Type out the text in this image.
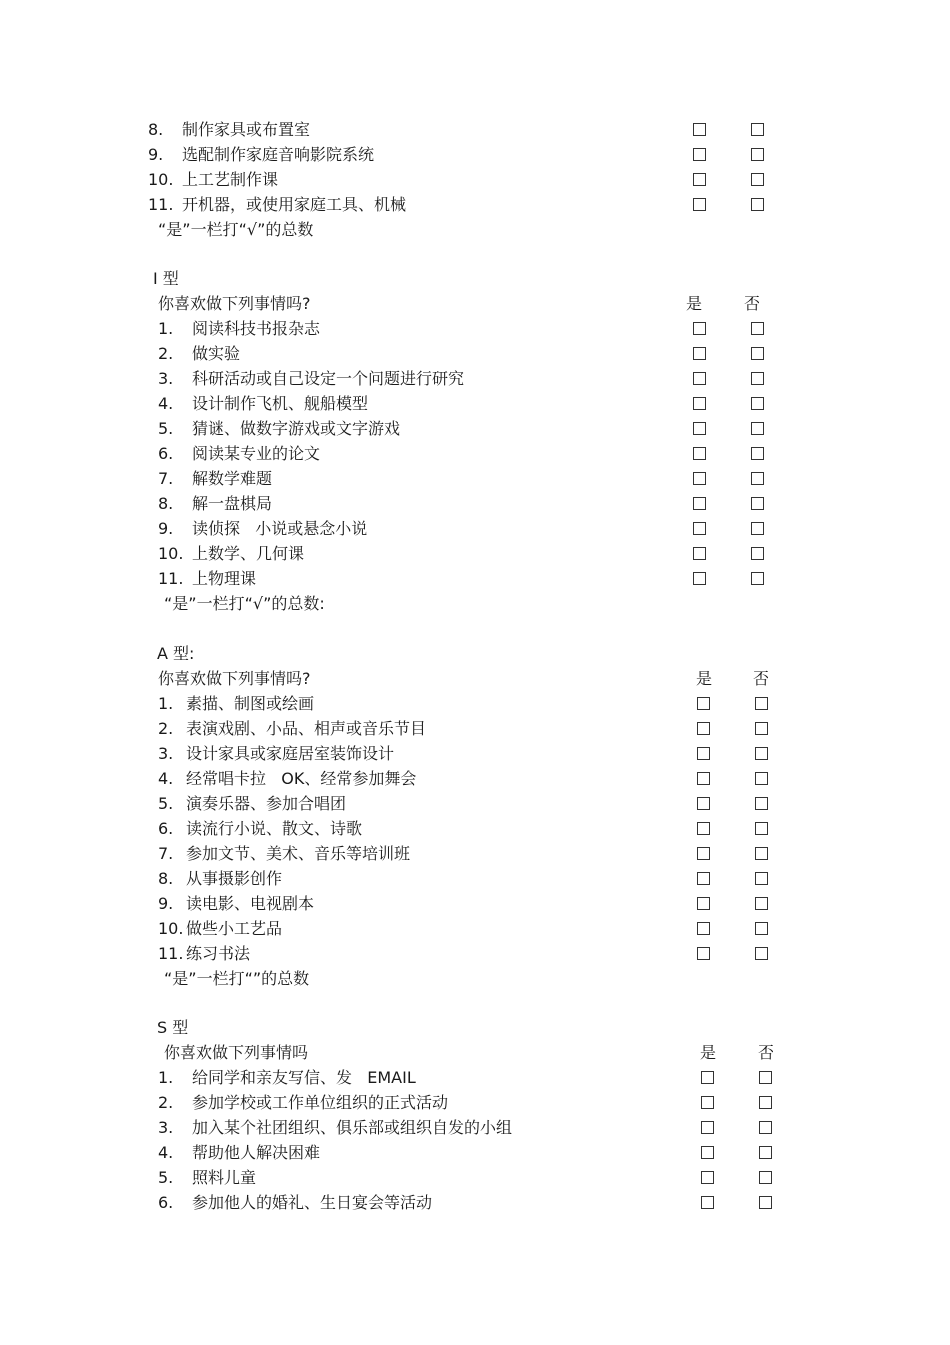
8. 制作家具或布置室
9. 选配制作家庭音响影院系统
10. 上工艺制作课
11. 开机器，或使用家庭工具、机械
“是”一栏打“√”的总数
I 型
你喜欢做下列事情吗?	是	否
1. 阅读科技书报杂志
2. 做实验
3. 科研活动或自己设定一个问题进行研究
4. 设计制作飞机、舰船模型
5. 猜谜、做数字游戏或文字游戏
6. 阅读某专业的论文
7. 解数学难题
8. 解一盘棋局
9. 读侦探   小说或悬念小说
10. 上数学、几何课
11. 上物理课
“是”一栏打“√”的总数:
A 型:
你喜欢做下列事情吗?	是	否
1. 素描、制图或绘画
2. 表演戏剧、小品、相声或音乐节目
3. 设计家具或家庭居室装饰设计
4. 经常唱卡拉   OK、经常参加舞会
5. 演奏乐器、参加合唱团
6. 读流行小说、散文、诗歌
7. 参加文节、美术、音乐等培训班
8. 从事摄影创作
9. 读电影、电视剧本
10. 做些小工艺品
11. 练习书法
“是”一栏打“”的总数
S 型
你喜欢做下列事情吗	是	否
1. 给同学和亲友写信、发   EMAIL
2. 参加学校或工作单位组织的正式活动
3. 加入某个社团组织、俱乐部或组织自发的小组
4. 帮助他人解决困难
5. 照料儿童
6. 参加他人的婚礼、生日宴会等活动
